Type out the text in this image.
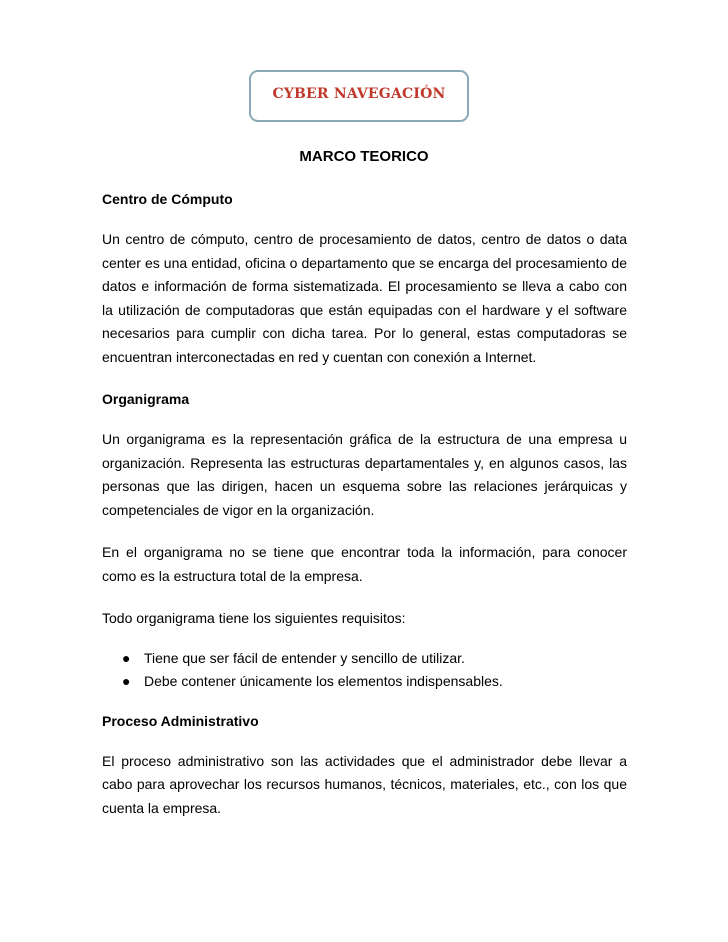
CYBER NAVEGACIÓN
MARCO TEORICO
Centro de Cómputo

Un centro de cómputo, centro de procesamiento de datos, centro de datos o data center es una entidad, oficina o departamento que se encarga del procesamiento de datos e información de forma sistematizada. El procesamiento se lleva a cabo con la utilización de computadoras que están equipadas con el hardware y el software necesarios para cumplir con dicha tarea. Por lo general, estas computadoras se encuentran interconectadas en red y cuentan con conexión a Internet.

Organigrama

Un organigrama es la representación gráfica de la estructura de una empresa u organización. Representa las estructuras departamentales y, en algunos casos, las personas que las dirigen, hacen un esquema sobre las relaciones jerárquicas y competenciales de vigor en la organización.

En el organigrama no se tiene que encontrar toda la información, para conocer como es la estructura total de la empresa.

Todo organigrama tiene los siguientes requisitos:

● Tiene que ser fácil de entender y sencillo de utilizar.
● Debe contener únicamente los elementos indispensables.
Proceso Administrativo

El proceso administrativo son las actividades que el administrador debe llevar a cabo para aprovechar los recursos humanos, técnicos, materiales, etc., con los que cuenta la empresa.
